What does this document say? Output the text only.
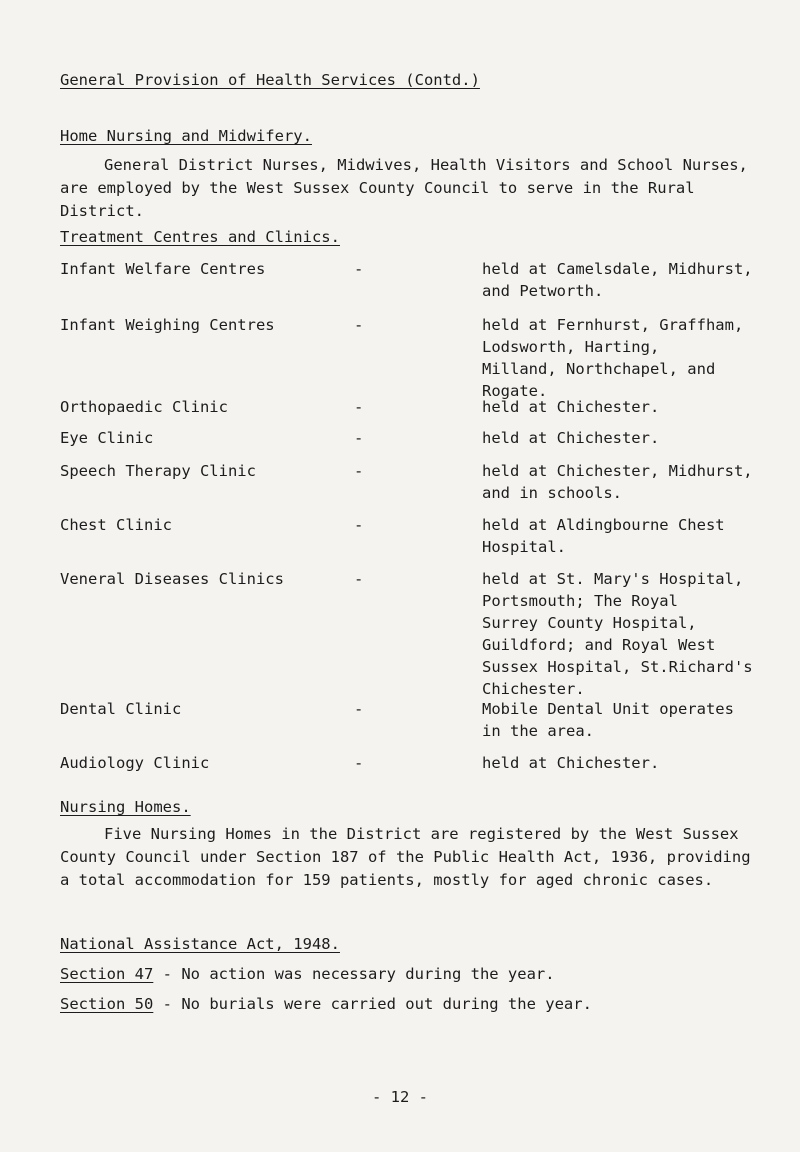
General Provision of Health Services (Contd.)
Home Nursing and Midwifery.
General District Nurses, Midwives, Health Visitors and School Nurses, are employed by the West Sussex County Council to serve in the Rural District.
Treatment Centres and Clinics.
Infant Welfare Centres	-	held at Camelsdale, Midhurst,
and Petworth.
Infant Weighing Centres	-	held at Fernhurst, Graffham,
Lodsworth, Harting,
Milland, Northchapel, and
Rogate.
Orthopaedic Clinic	-	held at Chichester.
Eye Clinic	-	held at Chichester.
Speech Therapy Clinic	-	held at Chichester, Midhurst,
and in schools.
Chest Clinic	-	held at Aldingbourne Chest
Hospital.
Veneral Diseases Clinics	-	held at St. Mary's Hospital,
Portsmouth; The Royal
Surrey County Hospital,
Guildford; and Royal West
Sussex Hospital, St.Richard's
Chichester.
Dental Clinic	-	Mobile Dental Unit operates
in the area.
Audiology Clinic	-	held at Chichester.
Nursing Homes.
Five Nursing Homes in the District are registered by the West Sussex County Council under Section 187 of the Public Health Act, 1936, providing a total accommodation for 159 patients, mostly for aged chronic cases.
National Assistance Act, 1948.
Section 47 - No action was necessary during the year.
Section 50 - No burials were carried out during the year.
- 12 -
